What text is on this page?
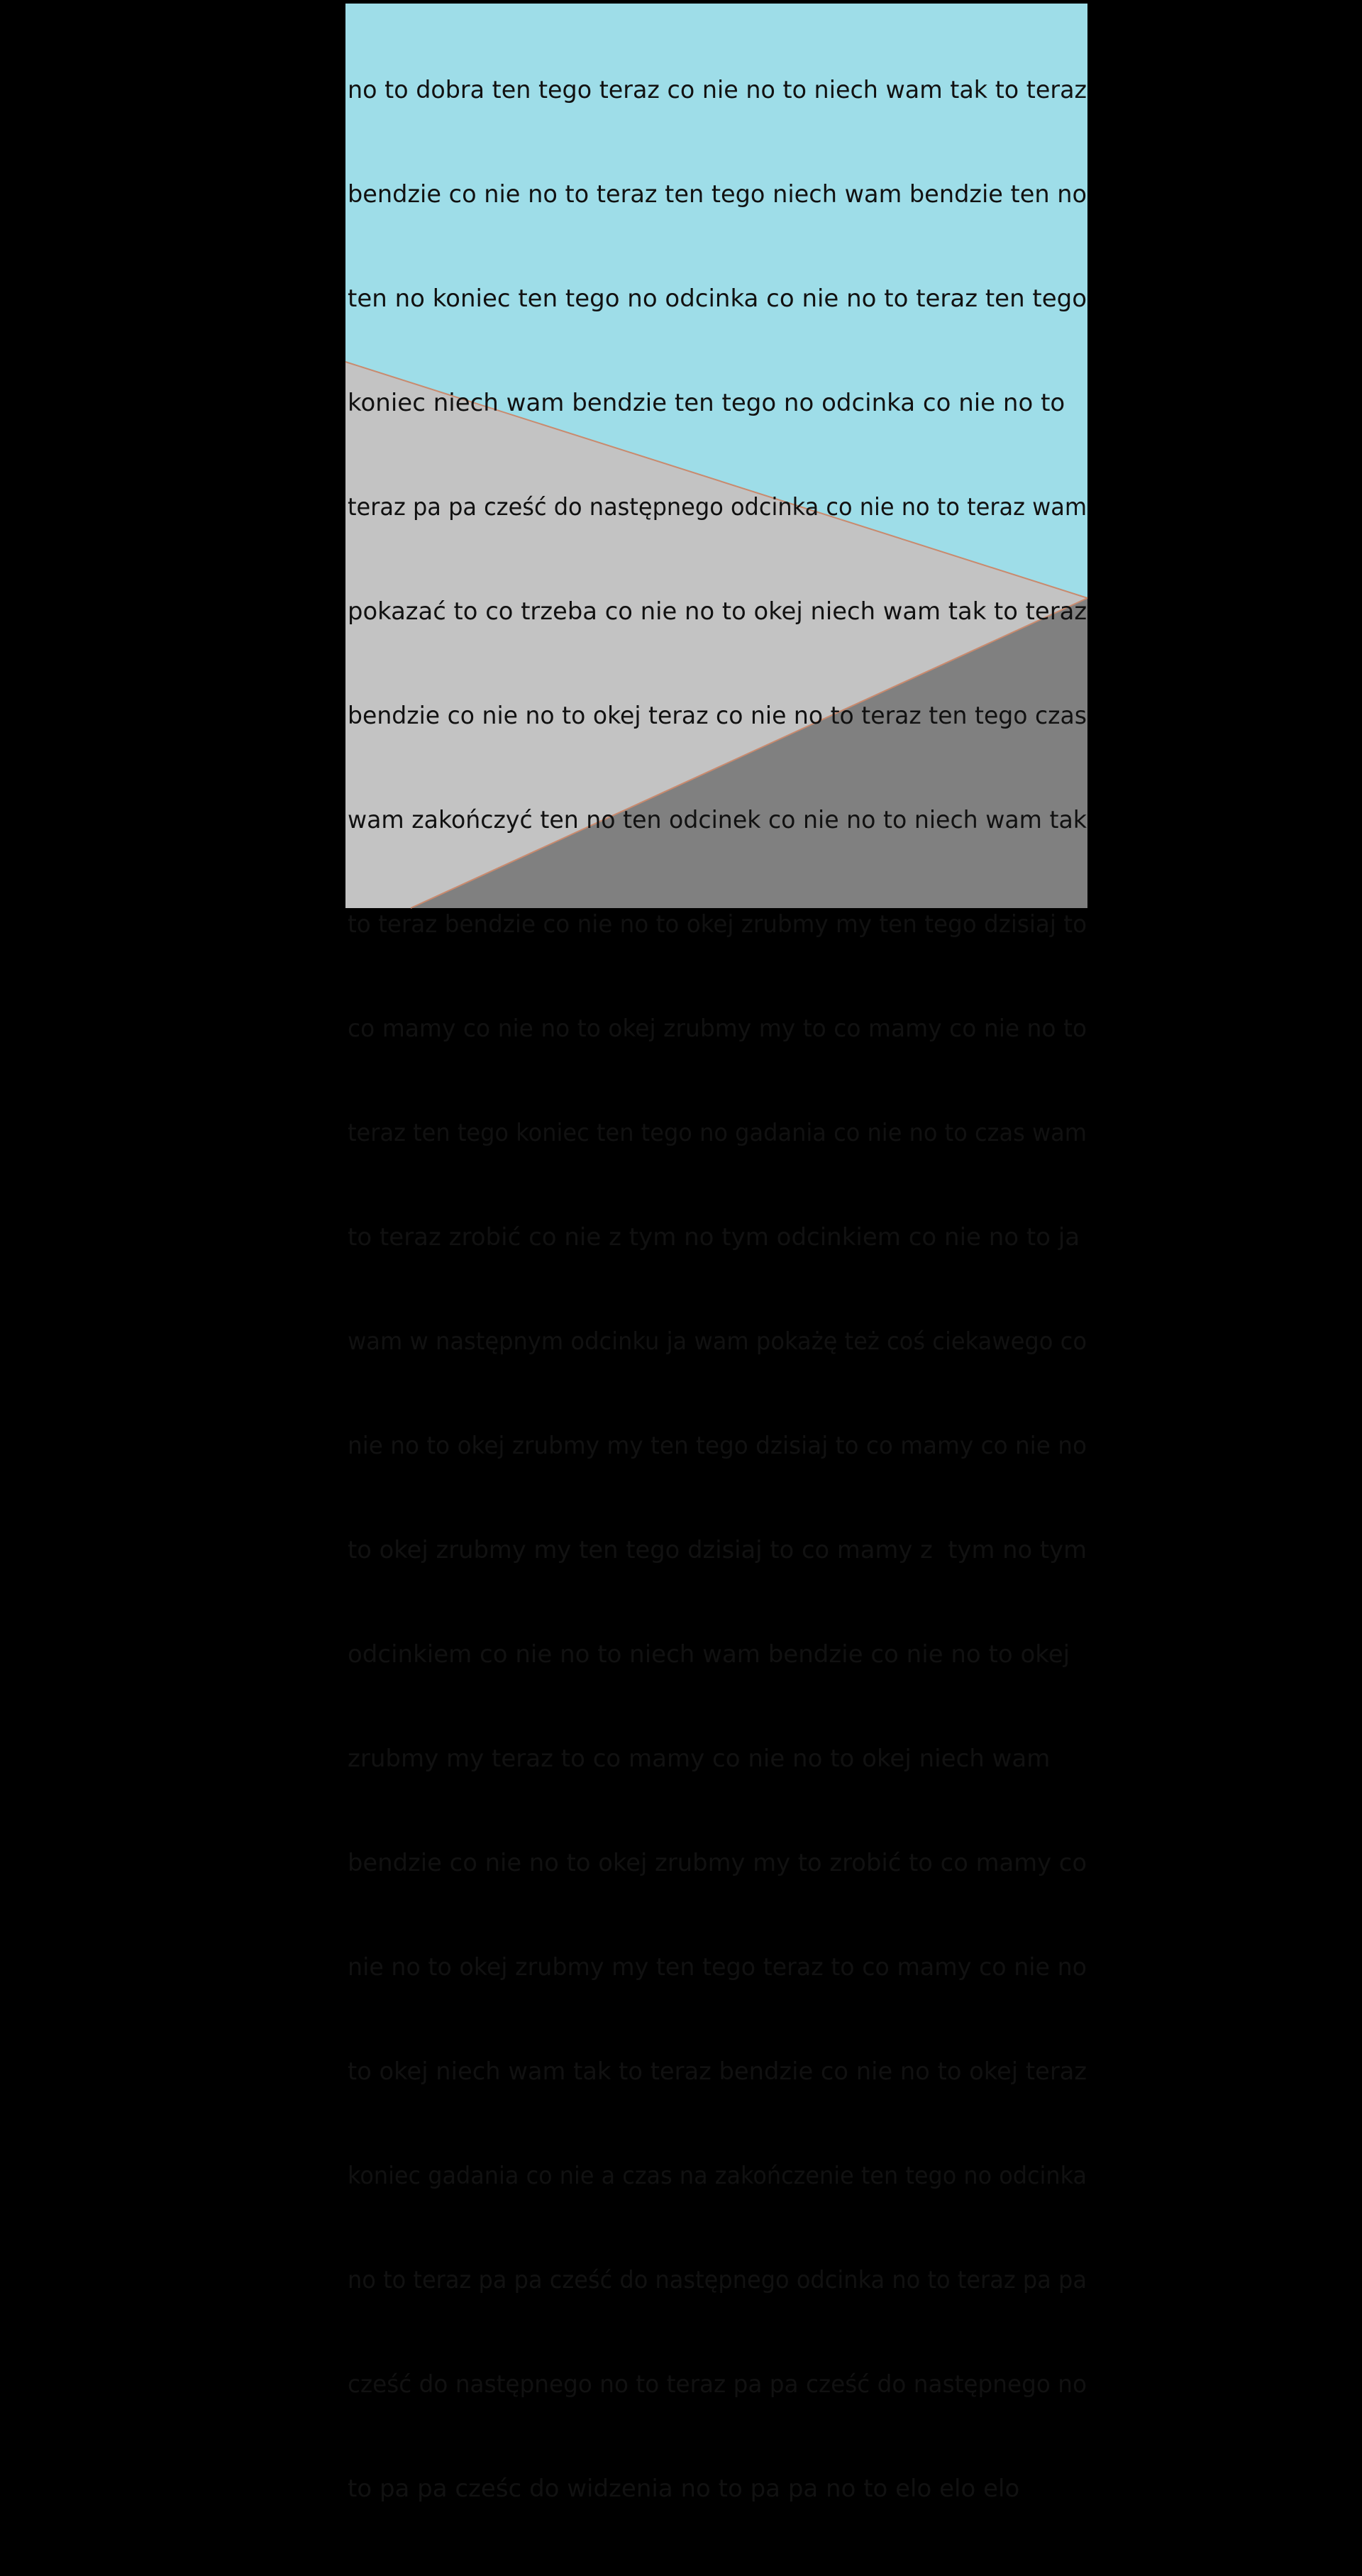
no to dobra ten tego teraz co nie no to niech wam tak to teraz

bendzie co nie no to teraz ten tego niech wam bendzie ten no

ten no koniec ten tego no odcinka co nie no to teraz ten tego

koniec niech wam bendzie ten tego no odcinka co nie no to

teraz pa pa cześć do następnego odcinka co nie no to teraz wam

pokazać to co trzeba co nie no to okej niech wam tak to teraz

bendzie co nie no to okej teraz co nie no to teraz ten tego czas

wam zakończyć ten no ten odcinek co nie no to niech wam tak

to teraz bendzie co nie no to okej zrubmy my ten tego dzisiaj to

co mamy co nie no to okej zrubmy my to co mamy co nie no to

teraz ten tego koniec ten tego no gadania co nie no to czas wam

to teraz zrobić co nie z tym no tym odcinkiem co nie no to ja

wam w następnym odcinku ja wam pokażę też coś ciekawego co

nie no to okej zrubmy my ten tego dzisiaj to co mamy co nie no

to okej zrubmy my ten tego dzisiaj to co mamy z  tym no tym

odcinkiem co nie no to niech wam bendzie co nie no to okej

zrubmy my teraz to co mamy co nie no to okej niech wam

bendzie co nie no to okej zrubmy my to zrobić to co mamy co

nie no to okej zrubmy my ten tego teraz to co mamy co nie no

to okej niech wam tak to teraz bendzie co nie no to okej teraz

koniec gadania co nie a czas na zakończenie ten tego no odcinka

no to teraz pa pa cześć do następnego odcinka no to teraz pa pa

cześć do następnego no to teraz pa pa cześć do następnego no

to pa pa cześc do widzenia no to pa pa no to elo elo elo
